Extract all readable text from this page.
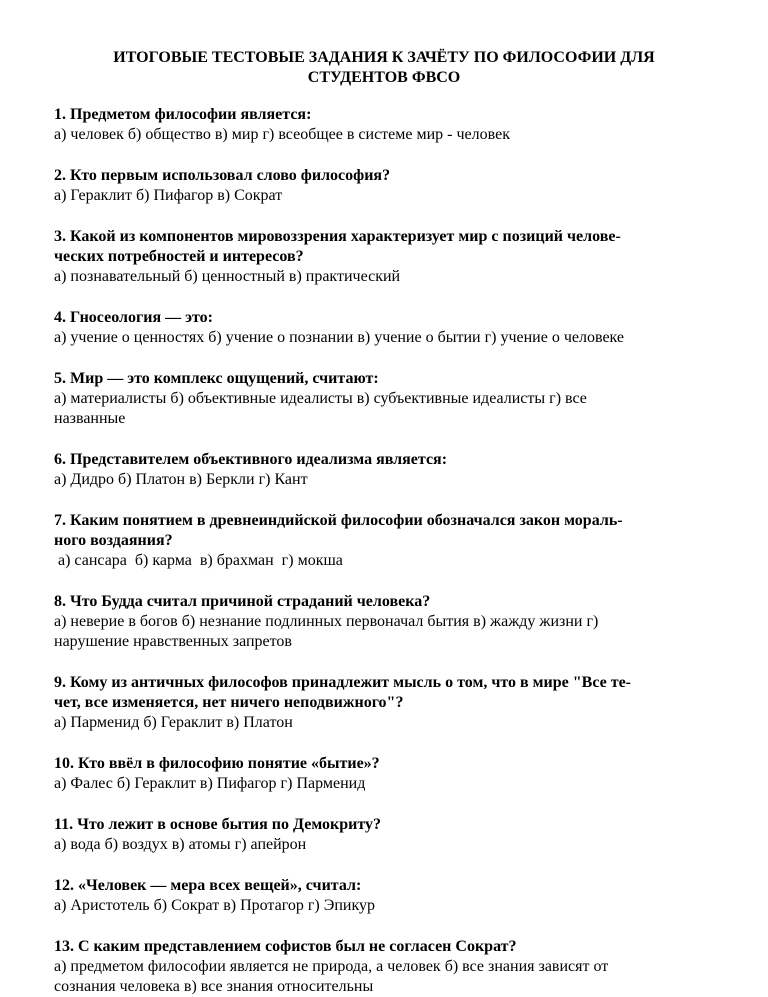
ИТОГОВЫЕ ТЕСТОВЫЕ ЗАДАНИЯ К ЗАЧЁТУ ПО ФИЛОСОФИИ ДЛЯ
СТУДЕНТОВ ФВСО
1. Предметом философии является:
а) человек б) общество в) мир г) всеобщее в системе мир - человек
2. Кто первым использовал слово философия?
а) Гераклит б) Пифагор в) Сократ
3. Какой из компонентов мировоззрения характеризует мир с позиций челове-
ческих потребностей и интересов?
а) познавательный б) ценностный в) практический
4. Гносеология — это:
а) учение о ценностях б) учение о познании в) учение о бытии г) учение о человеке
5. Мир — это комплекс ощущений, считают:
а) материалисты б) объективные идеалисты в) субъективные идеалисты г) все
названные
6. Представителем объективного идеализма является:
а) Дидро б) Платон в) Беркли г) Кант
7. Каким понятием в древнеиндийской философии обозначался закон мораль-
ного воздаяния?
а) сансара  б) карма  в) брахман  г) мокша
8. Что Будда считал причиной страданий человека?
а) неверие в богов б) незнание подлинных первоначал бытия в) жажду жизни г)
нарушение нравственных запретов
9. Кому из античных философов принадлежит мысль о том, что в мире "Все те-
чет, все изменяется, нет ничего неподвижного"?
а) Парменид б) Гераклит в) Платон
10. Кто ввёл в философию понятие «бытие»?
а) Фалес б) Гераклит в) Пифагор г) Парменид
11. Что лежит в основе бытия по Демокриту?
а) вода б) воздух в) атомы г) апейрон
12. «Человек — мера всех вещей», считал:
а) Аристотель б) Сократ в) Протагор г) Эпикур
13. С каким представлением софистов был не согласен Сократ?
а) предметом философии является не природа, а человек б) все знания зависят от
сознания человека в) все знания относительны
